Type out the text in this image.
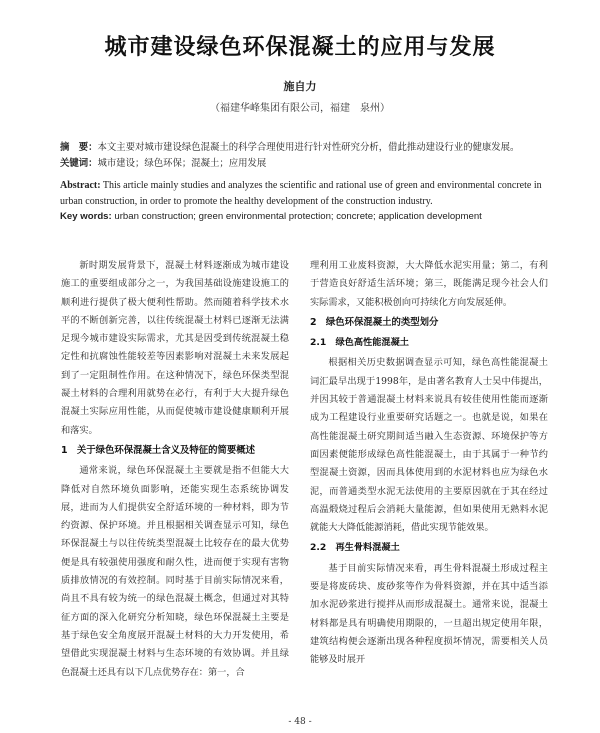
城市建设绿色环保混凝土的应用与发展
施自力
（福建华峰集团有限公司，福建　泉州）

摘　要：本文主要对城市建设绿色混凝土的科学合理使用进行针对性研究分析，借此推动建设行业的健康发展。

关键词：城市建设；绿色环保；混凝土；应用发展

Abstract: This article mainly studies and analyzes the scientific and rational use of green and environmental concrete in urban construction, in order to promote the healthy development of the construction industry.

Key words: urban construction; green environmental protection; concrete; application development

新时期发展背景下，混凝土材料逐渐成为城市建设施工的重要组成部分之一，为我国基础设施建设施工的顺利进行提供了极大便利性帮助。然而随着科学技术水平的不断创新完善，以往传统混凝土材料已逐渐无法满足现今城市建设实际需求，尤其是因受到传统混凝土稳定性和抗腐蚀性能较差等因素影响对混凝土未来发展起到了一定阻制性作用。在这种情况下，绿色环保类型混凝土材料的合理利用就势在必行，有利于大大提升绿色混凝土实际应用性能，从而促使城市建设健康顺利开展和落实。

1　关于绿色环保混凝土含义及特征的简要概述

通常来说，绿色环保混凝土主要就是指不但能大大降低对自然环境负面影响，还能实现生态系统协调发展，进而为人们提供安全舒适环境的一种材料，即为节约资源、保护环境。并且根据相关调查显示可知，绿色环保混凝土与以往传统类型混凝土比较存在的最大优势便是具有较强使用强度和耐久性，进而便于实现有害物质排放情况的有效控制。同时基于目前实际情况来看，尚且不具有较为统一的绿色混凝土概念，但通过对其特征方面的深入化研究分析知晓，绿色环保混凝土主要是基于绿色安全角度展开混凝土材料的大力开发使用，希望借此实现混凝土材料与生态环境的有效协调。并且绿色混凝土还具有以下几点优势存在：第一，合

理利用工业废料资源，大大降低水泥实用量；第二，有利于营造良好舒适生活环境；第三，既能满足现今社会人们实际需求，又能积极创向可持续化方向发展延伸。

2　绿色环保混凝土的类型划分
2.1　绿色高性能混凝土

根据相关历史数据调查显示可知，绿色高性能混凝土词汇最早出现于1998年，是由著名教育人士吴中伟提出，并因其较于普通混凝土材料来说具有较佳使用性能而逐渐成为工程建设行业重要研究话题之一。也就是说，如果在高性能混凝土研究期间适当融入生态资源、环境保护等方面因素便能形成绿色高性能混凝土，由于其属于一种节约型混凝土资源，因而具体使用到的水泥材料也应为绿色水泥，而普通类型水泥无法使用的主要原因就在于其在经过高温煅烧过程后会消耗大量能源，但如果使用无熟料水泥就能大大降低能源消耗，借此实现节能效果。

2.2　再生骨料混凝土

基于目前实际情况来看，再生骨料混凝土形成过程主要是将废砖块、废砂浆等作为骨料资源，并在其中适当添加水泥砂浆进行搅拌从而形成混凝土。通常来说，混凝土材料都是具有明确使用期限的，一旦超出规定使用年限，建筑结构便会逐渐出现各种程度损坏情况，需要相关人员能够及时展开

- 48 -
